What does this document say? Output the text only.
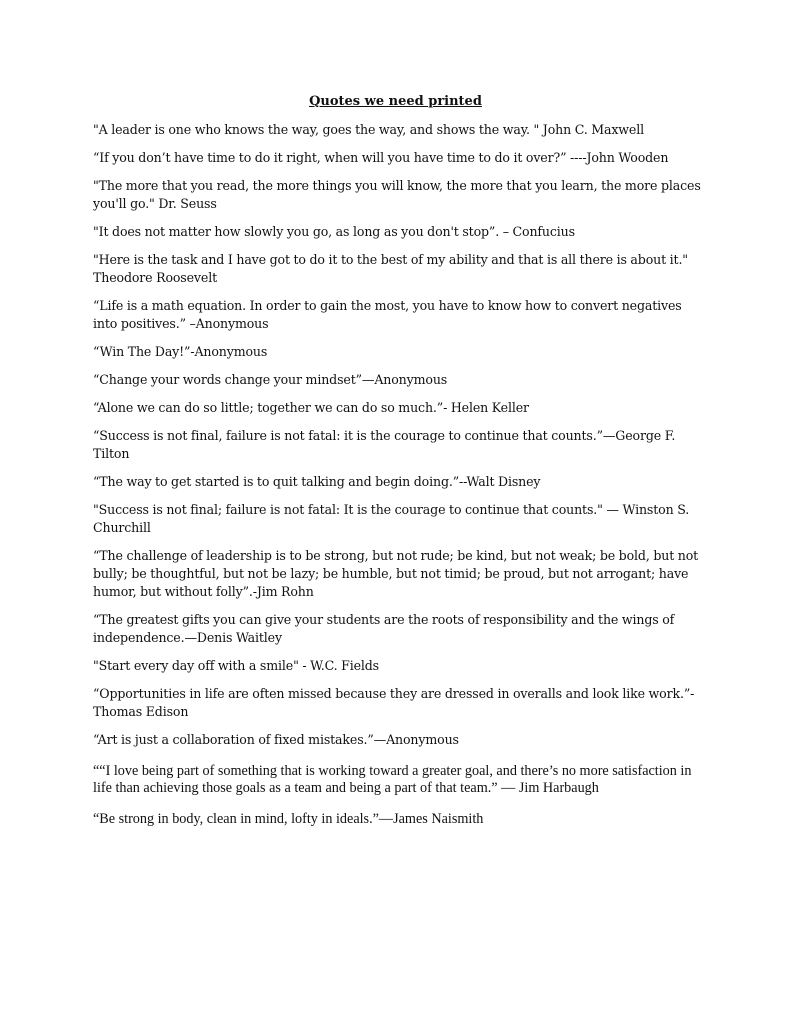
Quotes we need printed

"A leader is one who knows the way, goes the way, and shows the way. " John C. Maxwell

“If you don’t have time to do it right, when will you have time to do it over?” ----John Wooden

"The more that you read, the more things you will know, the more that you learn, the more places you'll go." Dr. Seuss

"It does not matter how slowly you go, as long as you don't stop”. – Confucius

"Here is the task and I have got to do it to the best of my ability and that is all there is about it." Theodore Roosevelt

“Life is a math equation. In order to gain the most, you have to know how to convert negatives into positives.” –Anonymous

“Win The Day!”-Anonymous

“Change your words change your mindset”—Anonymous

“Alone we can do so little; together we can do so much.”- Helen Keller

“Success is not final, failure is not fatal: it is the courage to continue that counts.”—George F. Tilton

“The way to get started is to quit talking and begin doing.”--Walt Disney

"Success is not final; failure is not fatal: It is the courage to continue that counts." — Winston S. Churchill

“The challenge of leadership is to be strong, but not rude; be kind, but not weak; be bold, but not bully; be thoughtful, but not be lazy; be humble, but not timid; be proud, but not arrogant; have humor, but without folly”.-Jim Rohn

“The greatest gifts you can give your students are the roots of responsibility and the wings of independence.—Denis Waitley

"Start every day off with a smile" - W.C. Fields

“Opportunities in life are often missed because they are dressed in overalls and look like work.”-Thomas Edison

“Art is just a collaboration of fixed mistakes.”—Anonymous

““I love being part of something that is working toward a greater goal, and there’s no more satisfaction in life than achieving those goals as a team and being a part of that team.” — Jim Harbaugh

“Be strong in body, clean in mind, lofty in ideals.”—James Naismith
